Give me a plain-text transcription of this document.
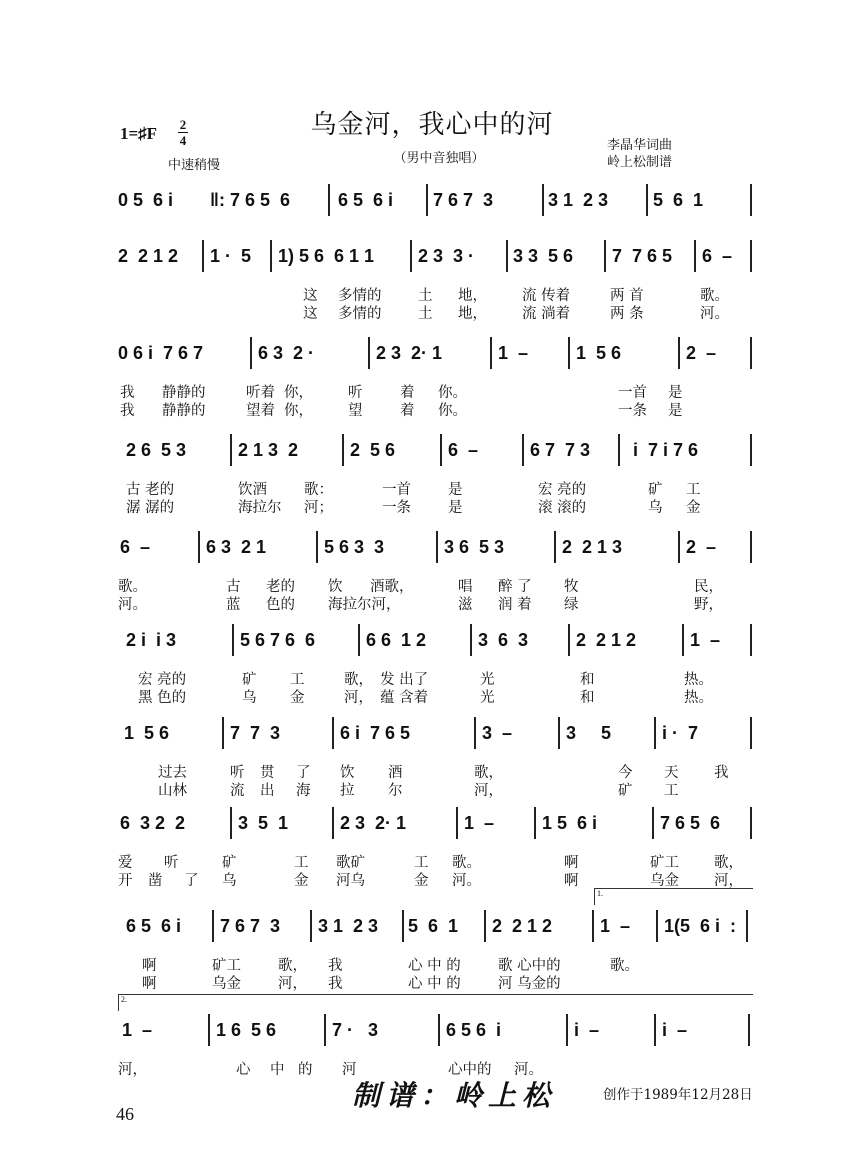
乌金河，我心中的河
1=♯F 2
4
中速稍慢	（男中音独唱）
李晶华词曲
岭上松制谱
0 5  6 i ‖: 7 6 5  6	6 5  6 i 7 6 7  3	3 1  2 3 5  6  1
2  2 1 2 1 ·  5 1) 5 6  6 1 1 2 3  3 · 3 3  5 6 7  7 6 5 6  –
这 多情的	土 地， 流 传着	两 首	歌。
这 多情的	土 地， 流 淌着	两 条	河。
0 6 i  7 6 7	6 3  2 ·	2 3  2· 1	1  –	1  5 6	2  –
我 静静的	听着 你， 听	着 你。	一首 是
我 静静的	望着 你， 望	着 你。	一条 是
2 6  5 3	2 1 3  2	2  5 6	6  –	6 7  7 3 i  7 i 7 6
古 老的	饮酒	歌：	一首	是	宏 亮的	矿 工
潺 潺的	海拉尔 河；	一条	是	滚 滚的	乌 金
6  –	6 3  2 1	5 6 3  3	3 6  5 3	2  2 1 3	2  –
歌。	古 老的 饮 酒歌，	唱 醉 了 牧	民，
河。	蓝 色的 海拉尔河，	滋 润 着 绿	野，
2 i  i 3	5 6 7 6  6	6 6  1 2	3  6  3	2  2 1 2	1  –
宏 亮的	矿 工	歌， 发 出了	光	和	热。
黑 色的	乌 金	河， 蕴 含着	光	和	热。
1  5 6	7  7  3	6 i  7 6 5	3  –	3     5	i ·  7
过去	听 贯 了 饮 酒	歌，	今 天 我
山林	流 出 海 拉 尔	河，	矿 工
6  3 2  2	3  5  1	2 3  2· 1	1  –	1 5  6 i	7 6 5  6
爱 听	矿	工 歌矿	工 歌。	啊	矿工 歌，
开 凿 了 乌	金 河乌	金 河。	啊	乌金 河，
6 5  6 i 7 6 7  3 3 1  2 3 5  6  1 2  2 1 2	1  – 1(5  6 i  :
啊	矿工	歌， 我	心 中 的	歌 心中的	歌。
啊	乌金	河， 我	心 中 的	河 乌金的
1  –	1 6  5 6	7 ·   3	6 5 6  i	i  –	i  –
河，	心 中 的 河	心中的 河。
制谱：岭上松	创作于1989年12月28日
46
1.
2.
